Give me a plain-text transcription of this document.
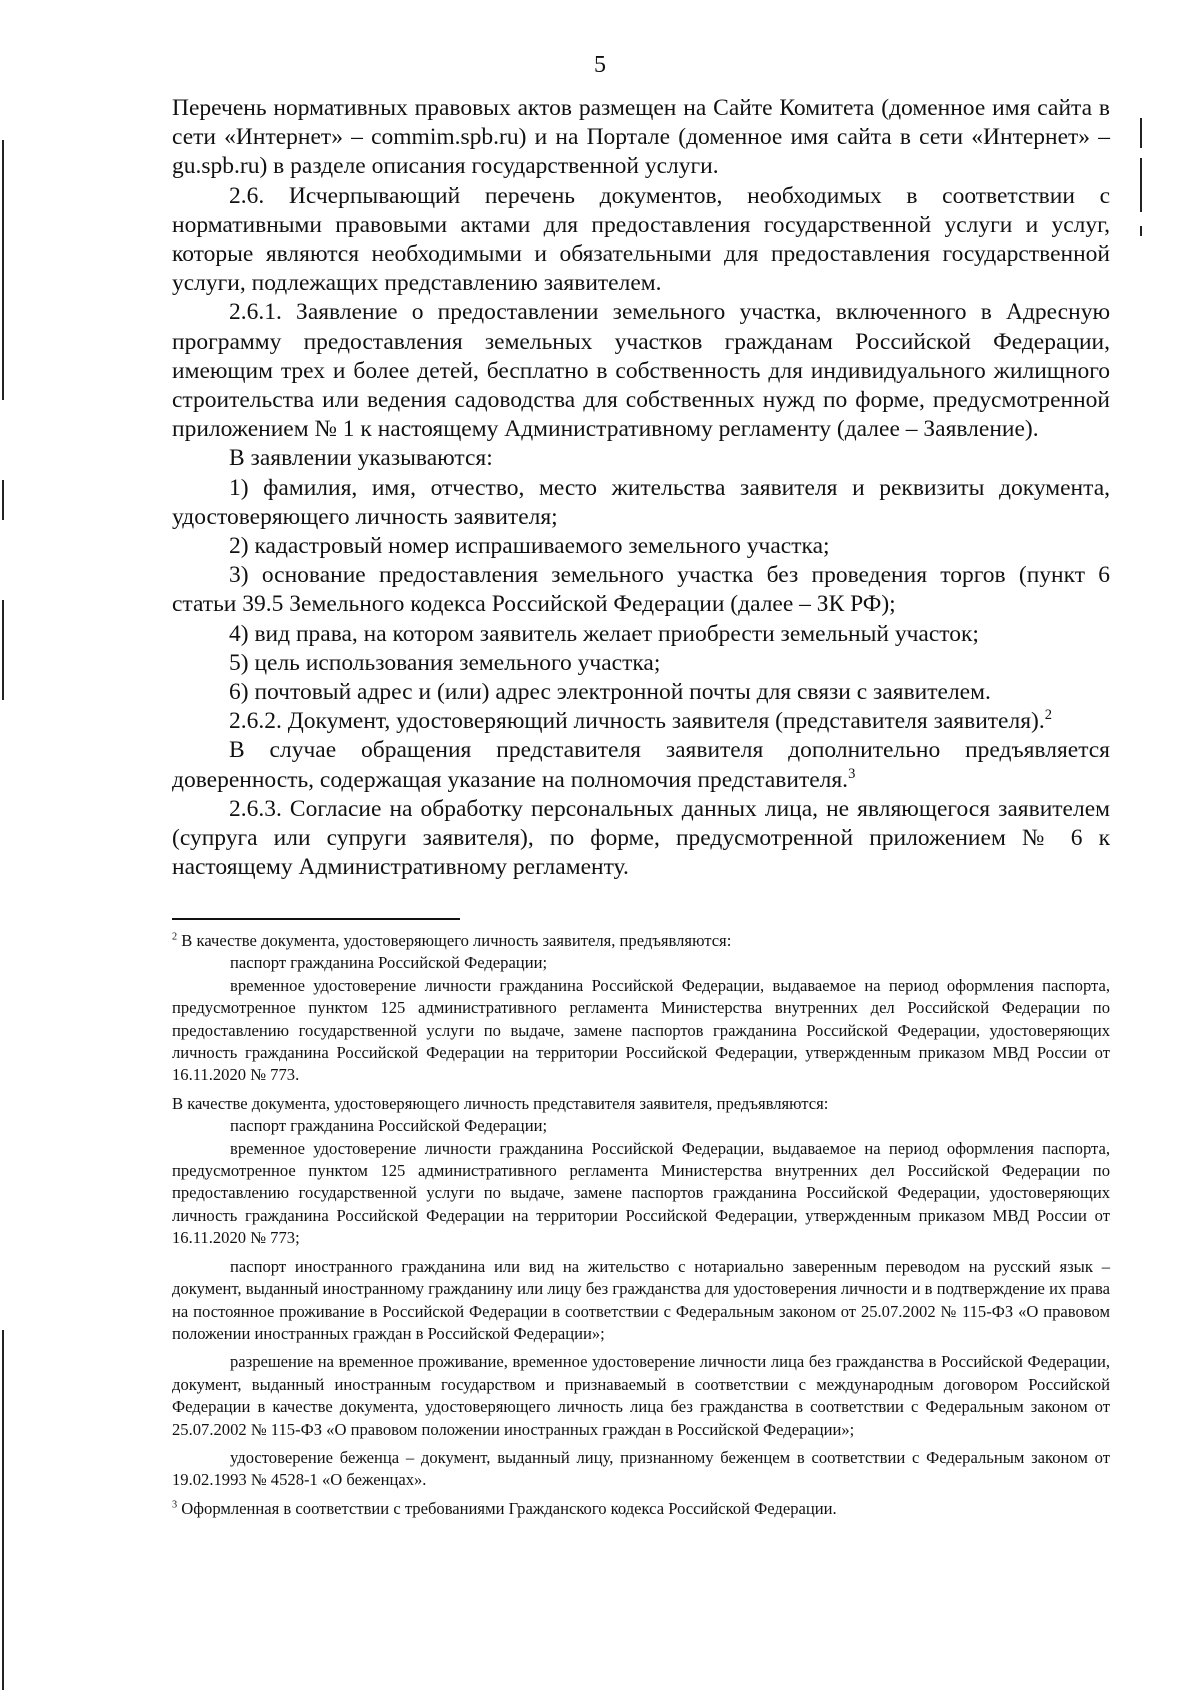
5

Перечень нормативных правовых актов размещен на Сайте Комитета (доменное имя сайта в сети «Интернет» – commim.spb.ru) и на Портале (доменное имя сайта в сети «Интернет» – gu.spb.ru) в разделе описания государственной услуги.

2.6. Исчерпывающий перечень документов, необходимых в соответствии с нормативными правовыми актами для предоставления государственной услуги и услуг, которые являются необходимыми и обязательными для предоставления государственной услуги, подлежащих представлению заявителем.

2.6.1. Заявление о предоставлении земельного участка, включенного в Адресную программу предоставления земельных участков гражданам Российской Федерации, имеющим трех и более детей, бесплатно в собственность для индивидуального жилищного строительства или ведения садоводства для собственных нужд по форме, предусмотренной приложением № 1 к настоящему Административному регламенту (далее – Заявление).

В заявлении указываются:

1) фамилия, имя, отчество, место жительства заявителя и реквизиты документа, удостоверяющего личность заявителя;

2) кадастровый номер испрашиваемого земельного участка;

3) основание предоставления земельного участка без проведения торгов (пункт 6 статьи 39.5 Земельного кодекса Российской Федерации (далее – ЗК РФ);

4) вид права, на котором заявитель желает приобрести земельный участок;

5) цель использования земельного участка;

6) почтовый адрес и (или) адрес электронной почты для связи с заявителем.

2.6.2. Документ, удостоверяющий личность заявителя (представителя заявителя).$^2$

В случае обращения представителя заявителя дополнительно предъявляется доверенность, содержащая указание на полномочия представителя.$^3$

2.6.3. Согласие на обработку персональных данных лица, не являющегося заявителем (супруга или супруги заявителя), по форме, предусмотренной приложением № 6 к настоящему Административному регламенту.

$^2$ В качестве документа, удостоверяющего личность заявителя, предъявляются:

паспорт гражданина Российской Федерации;

временное удостоверение личности гражданина Российской Федерации, выдаваемое на период оформления паспорта, предусмотренное пунктом 125 административного регламента Министерства внутренних дел Российской Федерации по предоставлению государственной услуги по выдаче, замене паспортов гражданина Российской Федерации, удостоверяющих личность гражданина Российской Федерации на территории Российской Федерации, утвержденным приказом МВД России от 16.11.2020 № 773.

В качестве документа, удостоверяющего личность представителя заявителя, предъявляются:

паспорт гражданина Российской Федерации;

временное удостоверение личности гражданина Российской Федерации, выдаваемое на период оформления паспорта, предусмотренное пунктом 125 административного регламента Министерства внутренних дел Российской Федерации по предоставлению государственной услуги по выдаче, замене паспортов гражданина Российской Федерации, удостоверяющих личность гражданина Российской Федерации на территории Российской Федерации, утвержденным приказом МВД России от 16.11.2020 № 773;

паспорт иностранного гражданина или вид на жительство с нотариально заверенным переводом на русский язык – документ, выданный иностранному гражданину или лицу без гражданства для удостоверения личности и в подтверждение их права на постоянное проживание в Российской Федерации в соответствии с Федеральным законом от 25.07.2002 № 115-ФЗ «О правовом положении иностранных граждан в Российской Федерации»;

разрешение на временное проживание, временное удостоверение личности лица без гражданства в Российской Федерации, документ, выданный иностранным государством и признаваемый в соответствии с международным договором Российской Федерации в качестве документа, удостоверяющего личность лица без гражданства в соответствии с Федеральным законом от 25.07.2002 № 115-ФЗ «О правовом положении иностранных граждан в Российской Федерации»;

удостоверение беженца – документ, выданный лицу, признанному беженцем в соответствии с Федеральным законом от 19.02.1993 № 4528-1 «О беженцах».

$^3$ Оформленная в соответствии с требованиями Гражданского кодекса Российской Федерации.
